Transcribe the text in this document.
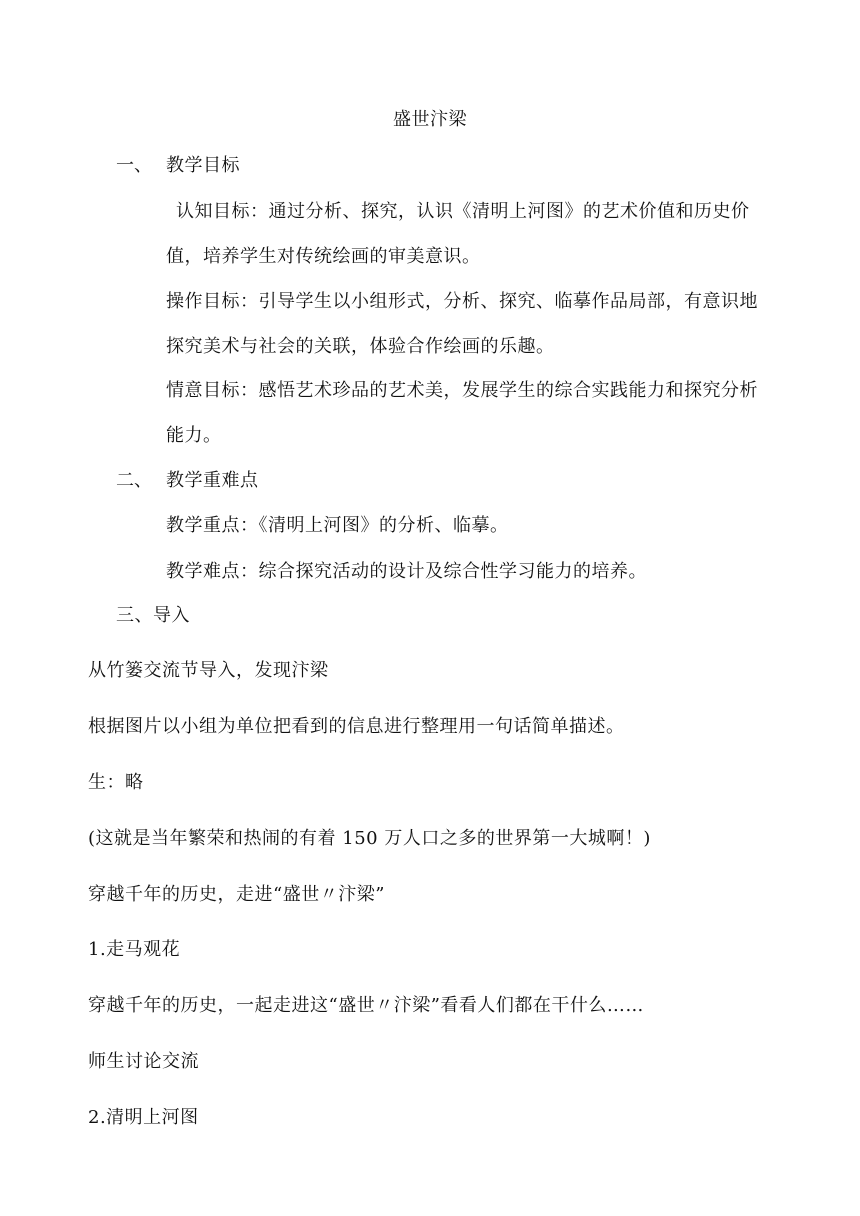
盛世汴梁
一、 教学目标
认知目标：通过分析、探究，认识《清明上河图》的艺术价值和历史价
值，培养学生对传统绘画的审美意识。
操作目标：引导学生以小组形式，分析、探究、临摹作品局部，有意识地
探究美术与社会的关联，体验合作绘画的乐趣。
情意目标：感悟艺术珍品的艺术美，发展学生的综合实践能力和探究分析
能力。
二、 教学重难点
教学重点：《清明上河图》的分析、临摹。
教学难点：综合探究活动的设计及综合性学习能力的培养。
三、导入
从竹篓交流节导入，发现汴梁
根据图片以小组为单位把看到的信息进行整理用一句话简单描述。
生：略
(这就是当年繁荣和热闹的有着 150 万人口之多的世界第一大城啊！)
穿越千年的历史，走进“盛世〃汴梁”
1.走马观花
穿越千年的历史，一起走进这“盛世〃汴梁”看看人们都在干什么……
师生讨论交流
2.清明上河图
